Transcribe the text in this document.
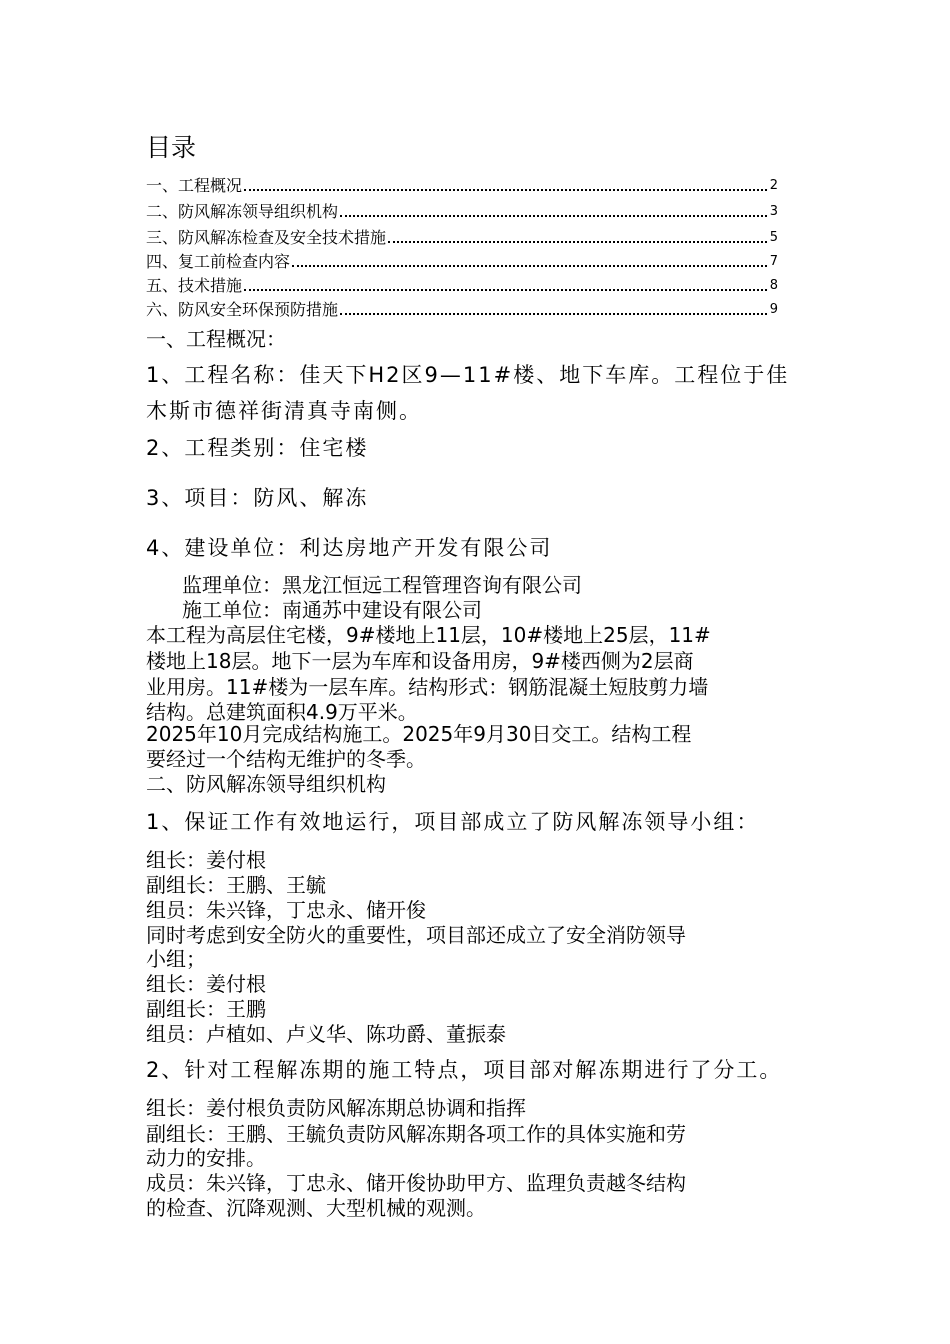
目录
一、工程概况	2
二、防风解冻领导组织机构	3
三、防风解冻检查及安全技术措施	5
四、复工前检查内容	7
五、技术措施	8
六、防风安全环保预防措施	9
一、工程概况：
1、工程名称：佳天下H2区9—11#楼、地下车库。工程位于佳
木斯市德祥街清真寺南侧。
2、工程类别：住宅楼
3、项目：防风、解冻
4、建设单位：利达房地产开发有限公司
监理单位：黑龙江恒远工程管理咨询有限公司
施工单位：南通苏中建设有限公司
本工程为高层住宅楼，9#楼地上11层，10#楼地上25层，11#
楼地上18层。地下一层为车库和设备用房，9#楼西侧为2层商
业用房。11#楼为一层车库。结构形式：钢筋混凝土短肢剪力墙
结构。总建筑面积4.9万平米。
2025年10月完成结构施工。2025年9月30日交工。结构工程
要经过一个结构无维护的冬季。
二、防风解冻领导组织机构
1、保证工作有效地运行，项目部成立了防风解冻领导小组：
组长：姜付根
副组长：王鹏、王毓
组员：朱兴锋，丁忠永、储开俊
同时考虑到安全防火的重要性，项目部还成立了安全消防领导
小组；
组长：姜付根
副组长：王鹏
组员：卢植如、卢义华、陈功爵、董振泰
2、针对工程解冻期的施工特点，项目部对解冻期进行了分工。
组长：姜付根负责防风解冻期总协调和指挥
副组长：王鹏、王毓负责防风解冻期各项工作的具体实施和劳
动力的安排。
成员：朱兴锋，丁忠永、储开俊协助甲方、监理负责越冬结构
的检查、沉降观测、大型机械的观测。
